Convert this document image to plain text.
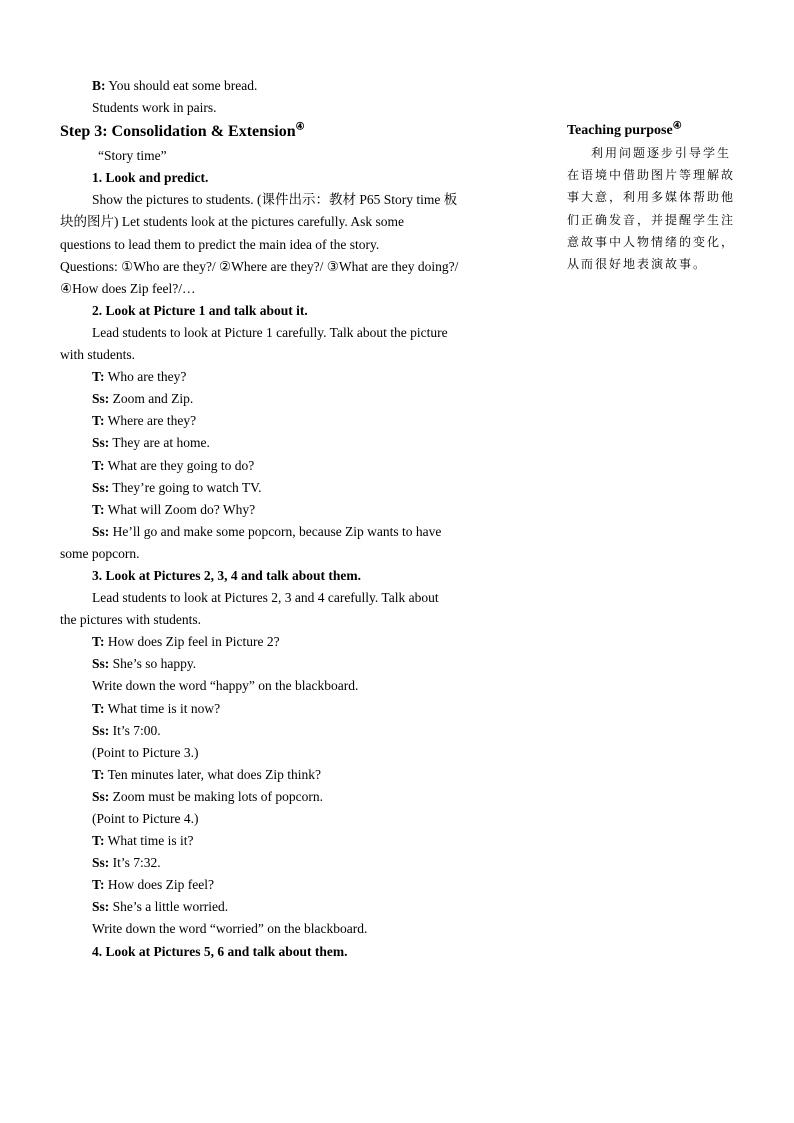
B: You should eat some bread.
Students work in pairs.
Step 3: Consolidation & Extension④
“Story time”
1. Look and predict.
Show the pictures to students. (课件出示：教材 P65 Story time 板
块的图片) Let students look at the pictures carefully. Ask some
questions to lead them to predict the main idea of the story.
Questions: ①Who are they?/ ②Where are they?/ ③What are they doing?/
④How does Zip feel?/…
2. Look at Picture 1 and talk about it.
Lead students to look at Picture 1 carefully. Talk about the picture
with students.
T: Who are they?
Ss: Zoom and Zip.
T: Where are they?
Ss: They are at home.
T: What are they going to do?
Ss: They’re going to watch TV.
T: What will Zoom do? Why?
Ss: He’ll go and make some popcorn, because Zip wants to have
some popcorn.
3. Look at Pictures 2, 3, 4 and talk about them.
Lead students to look at Pictures 2, 3 and 4 carefully. Talk about
the pictures with students.
T: How does Zip feel in Picture 2?
Ss: She’s so happy.
Write down the word “happy” on the blackboard.
T: What time is it now?
Ss: It’s 7:00.
(Point to Picture 3.)
T: Ten minutes later, what does Zip think?
Ss: Zoom must be making lots of popcorn.
(Point to Picture 4.)
T: What time is it?
Ss: It’s 7:32.
T: How does Zip feel?
Ss: She’s a little worried.
Write down the word “worried” on the blackboard.
4. Look at Pictures 5, 6 and talk about them.
Teaching purpose④

利用问题逐步引导学生在语境中借助图片等理解故事大意，利用多媒体帮助他们正确发音，并提醒学生注意故事中人物情绪的变化，从而很好地表演故事。
